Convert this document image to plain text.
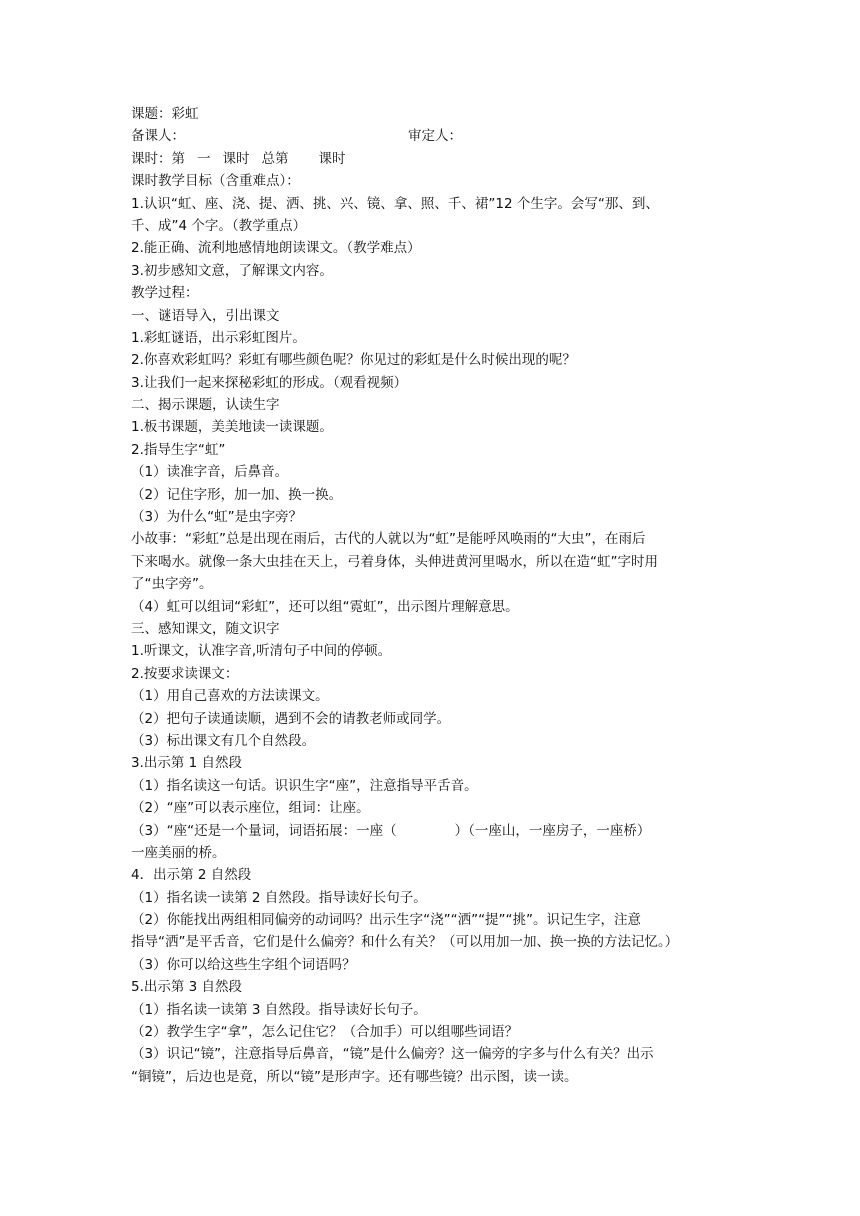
课题：彩虹
备课人：	审定人：
课时：第 一 课时 总第 课时
课时教学目标（含重难点）：
1.认识“虹、座、浇、提、洒、挑、兴、镜、拿、照、千、裙”12 个生字。会写“那、到、
千、成”4 个字。（教学重点）
2.能正确、流利地感情地朗读课文。（教学难点）
3.初步感知文意，了解课文内容。
教学过程：
一、谜语导入，引出课文
1.彩虹谜语，出示彩虹图片。
2.你喜欢彩虹吗？彩虹有哪些颜色呢？你见过的彩虹是什么时候出现的呢？
3.让我们一起来探秘彩虹的形成。（观看视频）
二、揭示课题，认读生字
1.板书课题，美美地读一读课题。
2.指导生字“虹”
（1）读准字音，后鼻音。
（2）记住字形，加一加、换一换。
（3）为什么“虹”是虫字旁？
小故事：“彩虹”总是出现在雨后，古代的人就以为“虹”是能呼风唤雨的“大虫”，在雨后
下来喝水。就像一条大虫挂在天上，弓着身体，头伸进黄河里喝水，所以在造“虹”字时用
了“虫字旁”。
（4）虹可以组词“彩虹”，还可以组“霓虹”，出示图片理解意思。
三、感知课文，随文识字
1.听课文，认准字音,听清句子中间的停顿。
2.按要求读课文：
（1）用自己喜欢的方法读课文。
（2）把句子读通读顺，遇到不会的请教老师或同学。
（3）标出课文有几个自然段。
3.出示第 1 自然段
（1）指名读这一句话。识识生字“座”，注意指导平舌音。
（2）“座”可以表示座位，组词：让座。
（3）“座“还是一个量词，词语拓展：一座（	）（一座山，一座房子，一座桥）
一座美丽的桥。
4．出示第 2 自然段
（1）指名读一读第 2 自然段。指导读好长句子。
（2）你能找出两组相同偏旁的动词吗？出示生字“浇”“洒”“提”“挑”。识记生字，注意
指导“洒”是平舌音，它们是什么偏旁？和什么有关？（可以用加一加、换一换的方法记忆。）
（3）你可以给这些生字组个词语吗？
5.出示第 3 自然段
（1）指名读一读第 3 自然段。指导读好长句子。
（2）教学生字“拿”，怎么记住它？（合加手）可以组哪些词语？
（3）识记“镜”，注意指导后鼻音，“镜”是什么偏旁？这一偏旁的字多与什么有关？出示
“铜镜”，后边也是竟，所以“镜”是形声字。还有哪些镜？出示图，读一读。
